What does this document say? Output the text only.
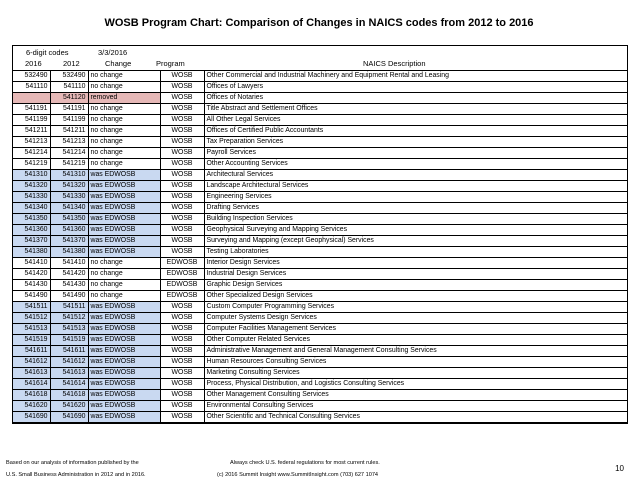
WOSB Program Chart: Comparison of Changes in NAICS codes from 2012 to 2016
6-digit codes	3/3/2016
2016	2012	Change	Program	NAICS Description
532490	532490	no change	WOSB	Other Commercial and Industrial Machinery and Equipment Rental and Leasing
541110	541110	no change	WOSB	Offices of Lawyers
	541120	removed	WOSB	Offices of Notaries
541191	541191	no change	WOSB	Title Abstract and Settlement Offices
541199	541199	no change	WOSB	All Other Legal Services
541211	541211	no change	WOSB	Offices of Certified Public Accountants
541213	541213	no change	WOSB	Tax Preparation Services
541214	541214	no change	WOSB	Payroll Services
541219	541219	no change	WOSB	Other Accounting Services
541310	541310	was EDWOSB	WOSB	Architectural Services
541320	541320	was EDWOSB	WOSB	Landscape Architectural Services
541330	541330	was EDWOSB	WOSB	Engineering Services
541340	541340	was EDWOSB	WOSB	Drafting Services
541350	541350	was EDWOSB	WOSB	Building Inspection Services
541360	541360	was EDWOSB	WOSB	Geophysical Surveying and Mapping Services
541370	541370	was EDWOSB	WOSB	Surveying and Mapping (except Geophysical) Services
541380	541380	was EDWOSB	WOSB	Testing Laboratories
541410	541410	no change	EDWOSB	Interior Design Services
541420	541420	no change	EDWOSB	Industrial Design Services
541430	541430	no change	EDWOSB	Graphic Design Services
541490	541490	no change	EDWOSB	Other Specialized Design Services
541511	541511	was EDWOSB	WOSB	Custom Computer Programming Services
541512	541512	was EDWOSB	WOSB	Computer Systems Design Services
541513	541513	was EDWOSB	WOSB	Computer Facilities Management Services
541519	541519	was EDWOSB	WOSB	Other Computer Related Services
541611	541611	was EDWOSB	WOSB	Administrative Management and General Management Consulting Services
541612	541612	was EDWOSB	WOSB	Human Resources Consulting Services
541613	541613	was EDWOSB	WOSB	Marketing Consulting Services
541614	541614	was EDWOSB	WOSB	Process, Physical Distribution, and Logistics Consulting Services
541618	541618	was EDWOSB	WOSB	Other Management Consulting Services
541620	541620	was EDWOSB	WOSB	Environmental Consulting Services
541690	541690	was EDWOSB	WOSB	Other Scientific and Technical Consulting Services
Based on our analysis of information published by the
U.S. Small Business Administration in 2012 and in 2016.
Always check U.S. federal regulations for most current rules.
(c) 2016 Summit Insight www.SummitInsight.com (703) 627 1074
10
